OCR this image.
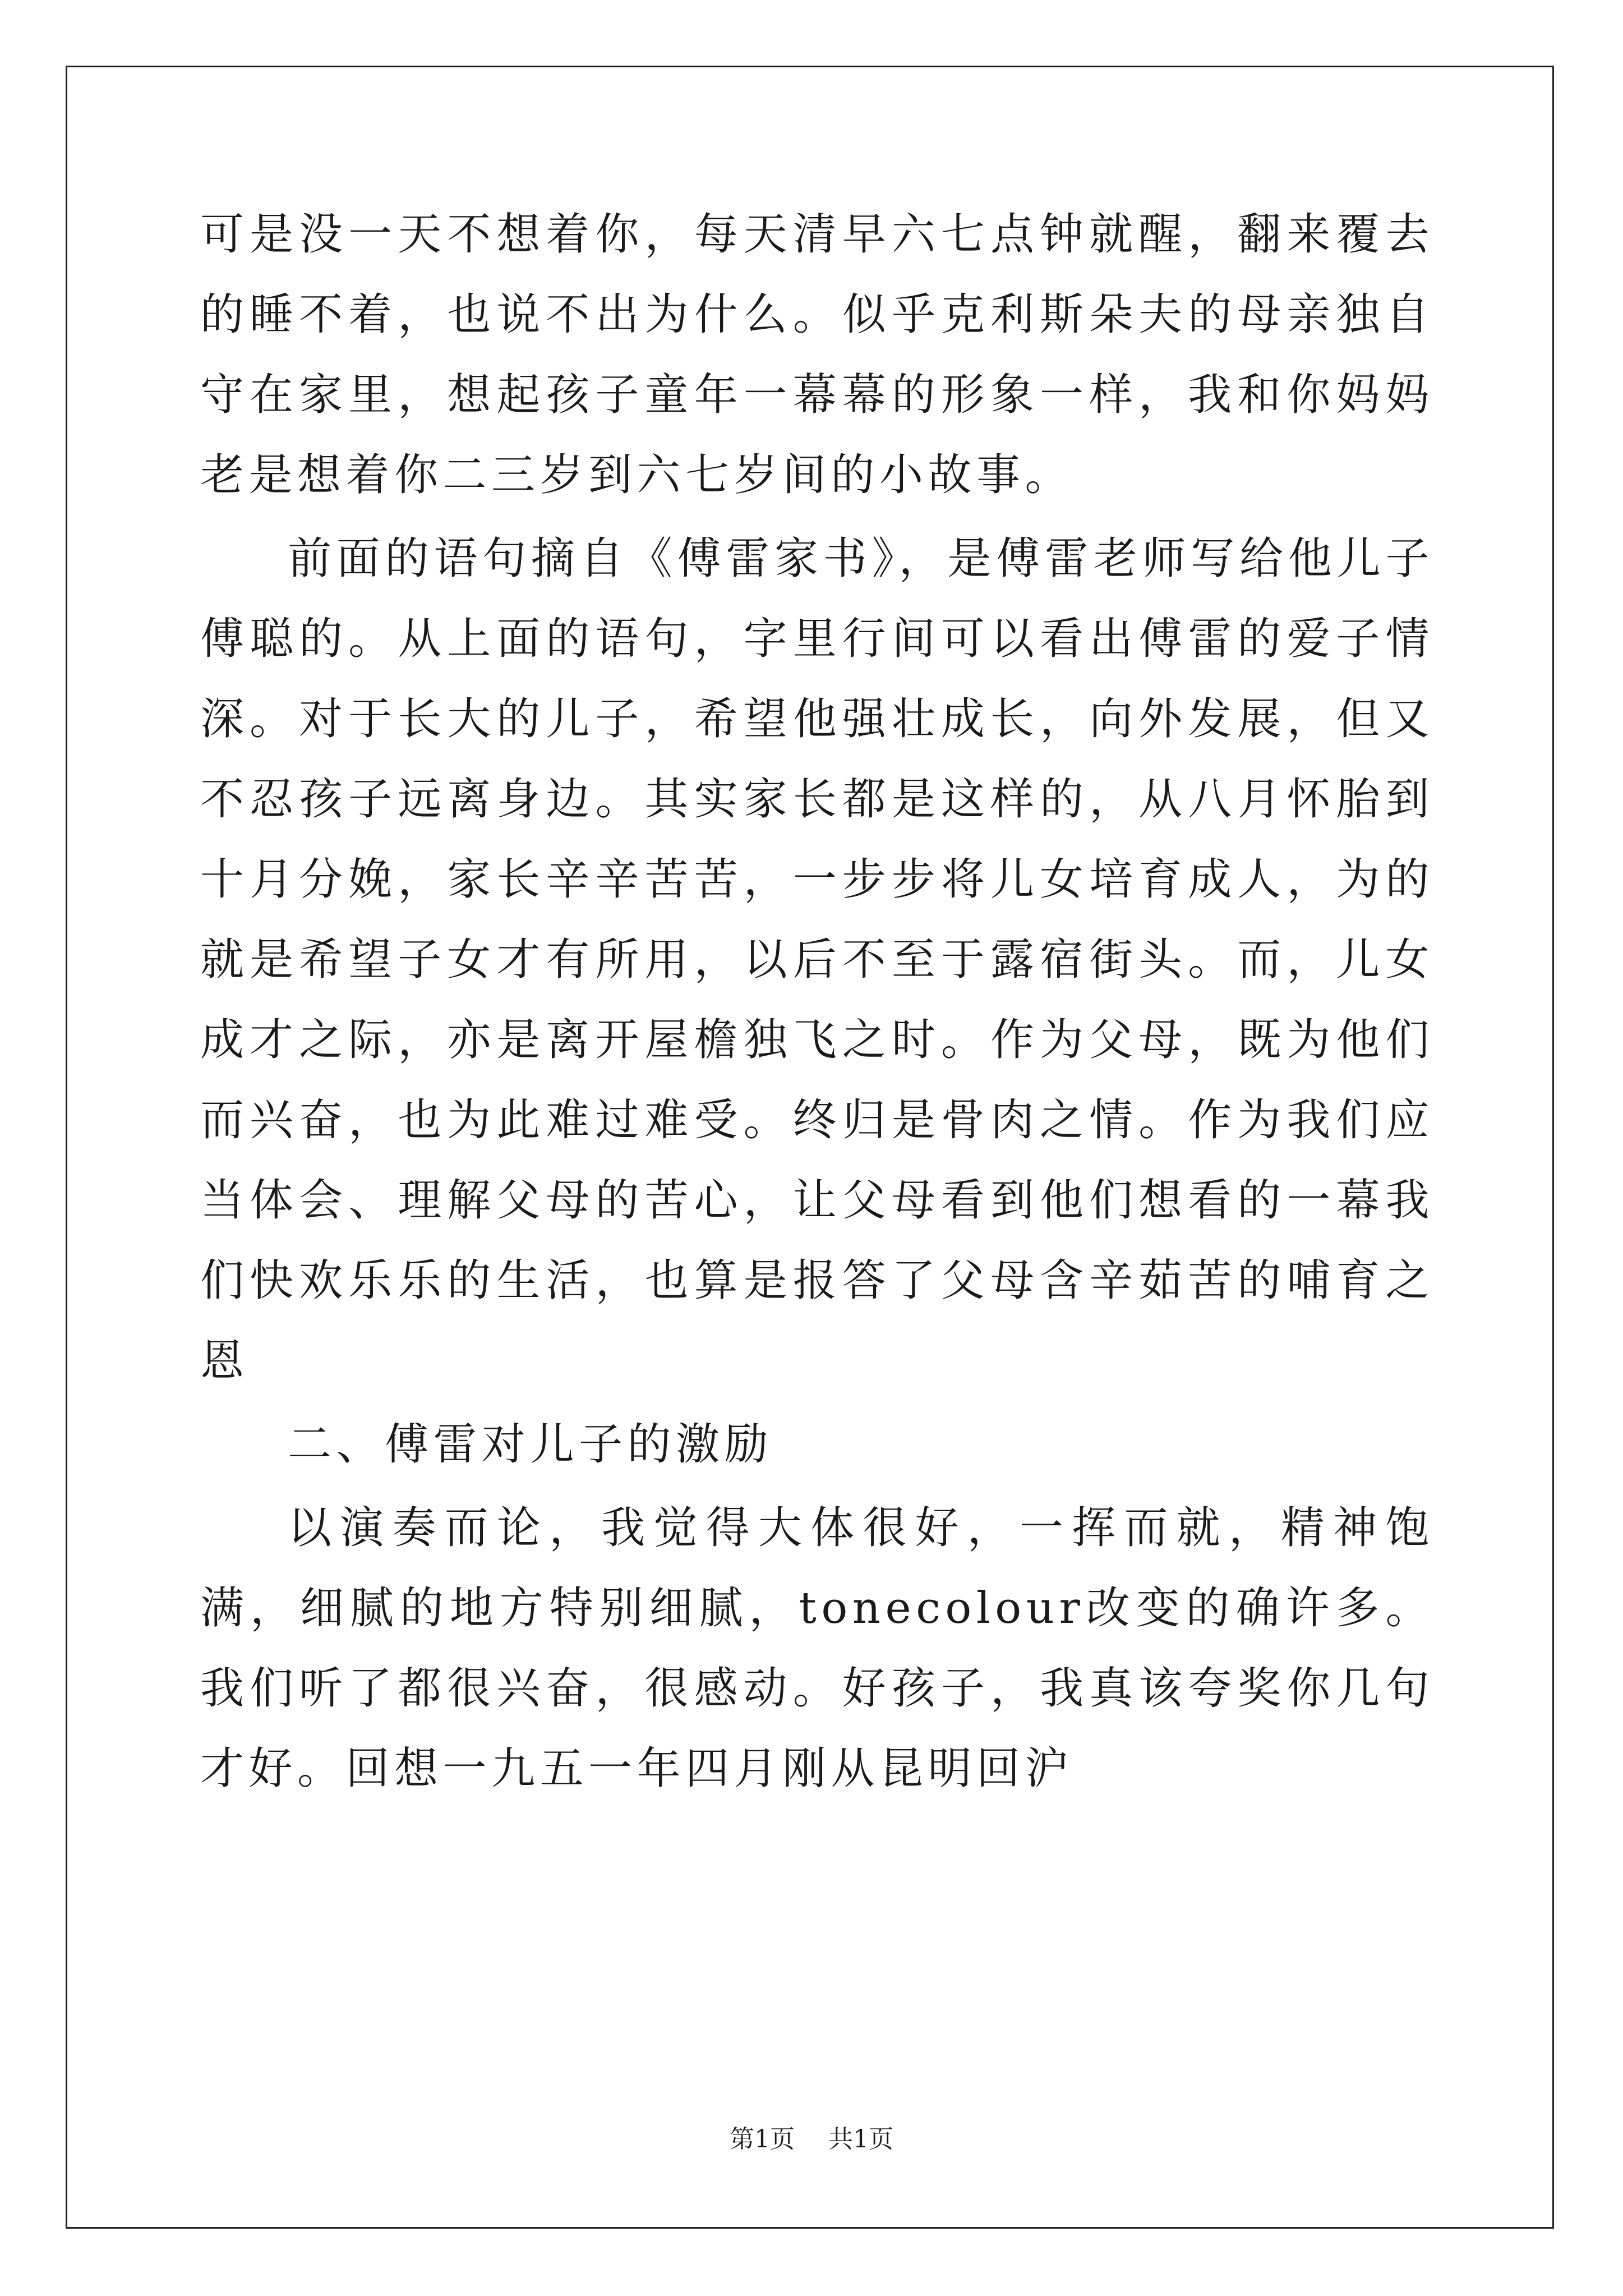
可是没一天不想着你，每天清早六七点钟就醒，翻来覆去的睡不着，也说不出为什么。似乎克利斯朵夫的母亲独自守在家里，想起孩子童年一幕幕的形象一样，我和你妈妈老是想着你二三岁到六七岁间的小故事。

前面的语句摘自《傅雷家书》，是傅雷老师写给他儿子傅聪的。从上面的语句，字里行间可以看出傅雷的爱子情深。对于长大的儿子，希望他强壮成长，向外发展，但又不忍孩子远离身边。其实家长都是这样的，从八月怀胎到十月分娩，家长辛辛苦苦，一步步将儿女培育成人，为的就是希望子女才有所用，以后不至于露宿街头。而，儿女成才之际，亦是离开屋檐独飞之时。作为父母，既为他们而兴奋，也为此难过难受。终归是骨肉之情。作为我们应当体会、理解父母的苦心，让父母看到他们想看的一幕我们快欢乐乐的生活，也算是报答了父母含辛茹苦的哺育之恩

二、傅雷对儿子的激励

以演奏而论，我觉得大体很好，一挥而就，精神饱满，细腻的地方特别细腻，tonecolour改变的确许多。我们听了都很兴奋，很感动。好孩子，我真该夸奖你几句才好。回想一九五一年四月刚从昆明回沪

第1页 共1页
